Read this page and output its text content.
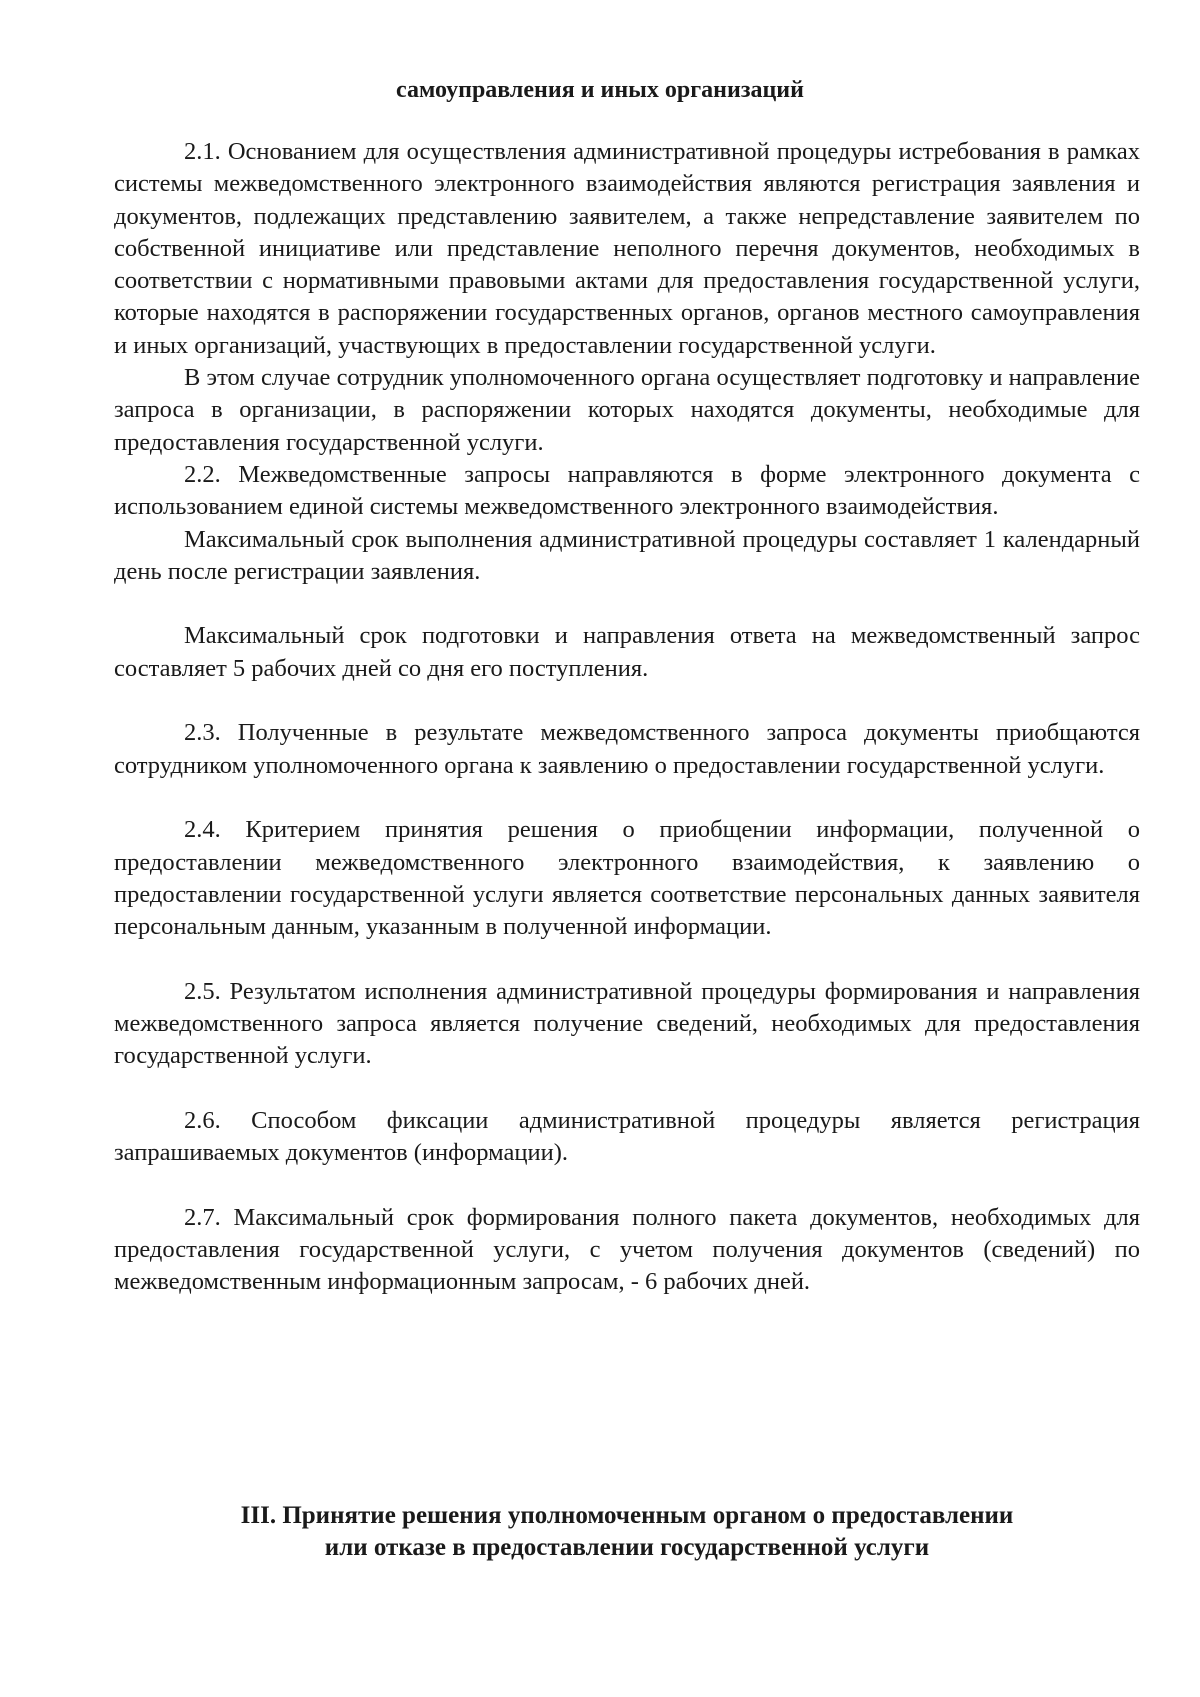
самоуправления и иных организаций

2.1. Основанием для осуществления административной процедуры истребования в рамках системы межведомственного электронного взаимодействия являются регистрация заявления и документов, подлежащих представлению заявителем, а также непредставление заявителем по собственной инициативе или представление неполного перечня документов, необходимых в соответствии с нормативными правовыми актами для предоставления государственной услуги, которые находятся в распоряжении государственных органов, органов местного самоуправления и иных организаций, участвующих в предоставлении государственной услуги.

В этом случае сотрудник уполномоченного органа осуществляет подготовку и направление запроса в организации, в распоряжении которых находятся документы, необходимые для предоставления государственной услуги.

2.2. Межведомственные запросы направляются в форме электронного документа с использованием единой системы межведомственного электронного взаимодействия.

Максимальный срок выполнения административной процедуры составляет 1 календарный день после регистрации заявления.

Максимальный срок подготовки и направления ответа на межведомственный запрос составляет 5 рабочих дней со дня его поступления.

2.3. Полученные в результате межведомственного запроса документы приобщаются сотрудником уполномоченного органа к заявлению о предоставлении государственной услуги.

2.4. Критерием принятия решения о приобщении информации, полученной о предоставлении межведомственного электронного взаимодействия, к заявлению о предоставлении государственной услуги является соответствие персональных данных заявителя персональным данным, указанным в полученной информации.

2.5. Результатом исполнения административной процедуры формирования и направления межведомственного запроса является получение сведений, необходимых для предоставления государственной услуги.

2.6. Способом фиксации административной процедуры является регистрация запрашиваемых документов (информации).

2.7. Максимальный срок формирования полного пакета документов, необходимых для предоставления государственной услуги, с учетом получения документов (сведений) по межведомственным информационным запросам, - 6 рабочих дней.

III. Принятие решения уполномоченным органом о предоставлении
или отказе в предоставлении государственной услуги
